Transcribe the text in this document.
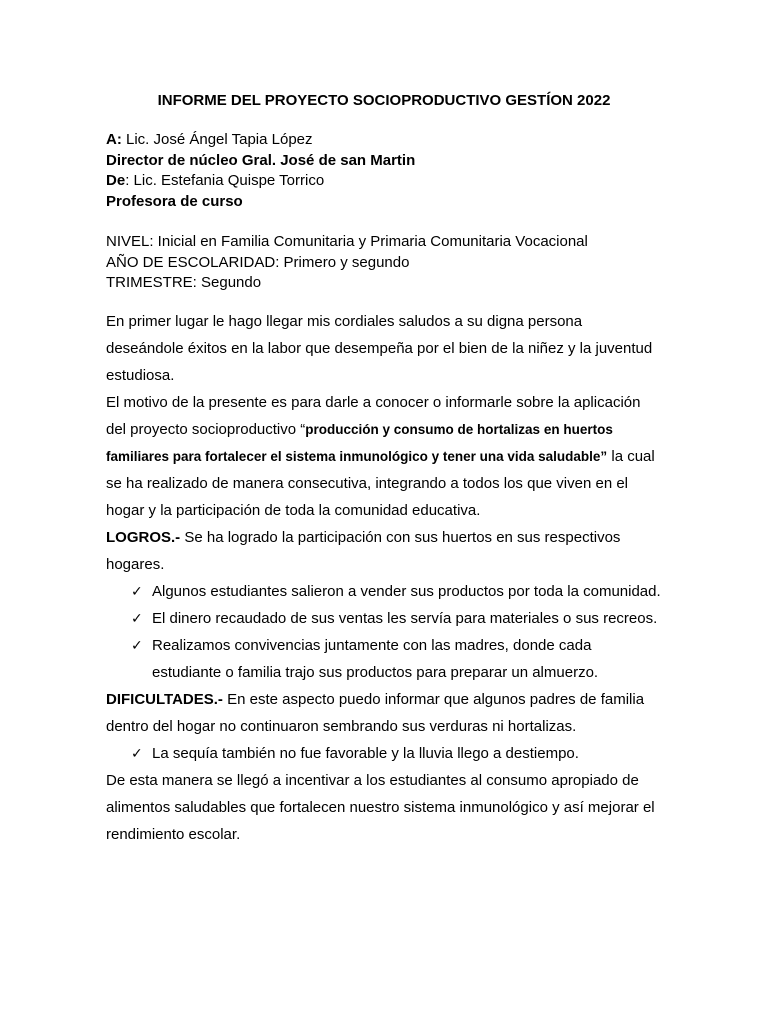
INFORME DEL PROYECTO SOCIOPRODUCTIVO GESTÍON 2022
A: Lic. José Ángel Tapia López
Director de núcleo Gral. José de san Martin
De: Lic. Estefania Quispe Torrico
Profesora de curso
NIVEL: Inicial en Familia Comunitaria y Primaria Comunitaria Vocacional
AÑO DE ESCOLARIDAD: Primero y segundo
TRIMESTRE: Segundo

En primer lugar le hago llegar mis cordiales saludos a su digna persona deseándole éxitos en la labor que desempeña por el bien de la niñez y la juventud estudiosa.

El motivo de la presente es para darle a conocer o informarle sobre la aplicación del proyecto socioproductivo “producción y consumo de hortalizas en huertos familiares para fortalecer el sistema inmunológico y tener una vida saludable” la cual se ha realizado de manera consecutiva, integrando a todos los que viven en el hogar y la participación de toda la comunidad educativa.

LOGROS.- Se ha logrado la participación con sus huertos en sus respectivos hogares.

✓ Algunos estudiantes salieron a vender sus productos por toda la comunidad.
✓ El dinero recaudado de sus ventas les servía para materiales o sus recreos.
✓ Realizamos convivencias juntamente con las madres, donde cada estudiante o familia trajo sus productos para preparar un almuerzo.

DIFICULTADES.- En este aspecto puedo informar que algunos padres de familia dentro del hogar no continuaron sembrando sus verduras ni hortalizas.

✓ La sequía también no fue favorable y la lluvia llego a destiempo.

De esta manera se llegó a incentivar a los estudiantes al consumo apropiado de alimentos saludables que fortalecen nuestro sistema inmunológico y así mejorar el rendimiento escolar.
